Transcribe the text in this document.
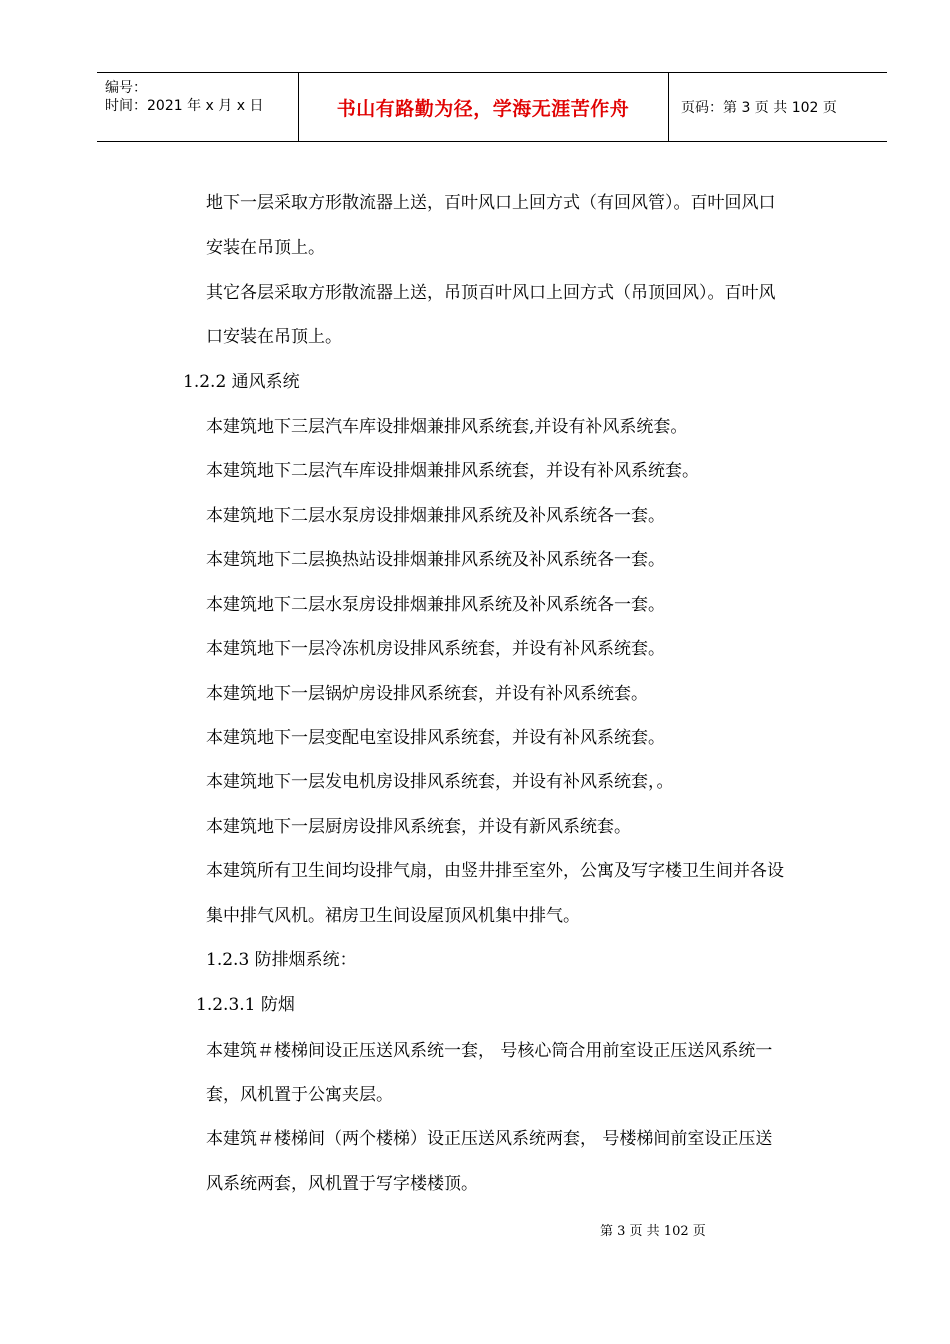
编号：
时间：2021 年 x 月 x 日	书山有路勤为径，学海无涯苦作舟	页码：第 3 页 共 102 页
地下一层采取方形散流器上送，百叶风口上回方式（有回风管）。百叶回风口
安装在吊顶上。
其它各层采取方形散流器上送，吊顶百叶风口上回方式（吊顶回风）。百叶风
口安装在吊顶上。
1.2.2 通风系统
本建筑地下三层汽车库设排烟兼排风系统套,并设有补风系统套。
本建筑地下二层汽车库设排烟兼排风系统套，并设有补风系统套。
本建筑地下二层水泵房设排烟兼排风系统及补风系统各一套。
本建筑地下二层换热站设排烟兼排风系统及补风系统各一套。
本建筑地下二层水泵房设排烟兼排风系统及补风系统各一套。
本建筑地下一层冷冻机房设排风系统套，并设有补风系统套。
本建筑地下一层锅炉房设排风系统套，并设有补风系统套。
本建筑地下一层变配电室设排风系统套，并设有补风系统套。
本建筑地下一层发电机房设排风系统套，并设有补风系统套，。
本建筑地下一层厨房设排风系统套，并设有新风系统套。
本建筑所有卫生间均设排气扇，由竖井排至室外，公寓及写字楼卫生间并各设
集中排气风机。裙房卫生间设屋顶风机集中排气。
1.2.3 防排烟系统：
1.2.3.1 防烟
本建筑＃楼梯间设正压送风系统一套， 号核心筒合用前室设正压送风系统一
套，风机置于公寓夹层。
本建筑＃楼梯间（两个楼梯）设正压送风系统两套， 号楼梯间前室设正压送
风系统两套，风机置于写字楼楼顶。
第 3 页 共 102 页
